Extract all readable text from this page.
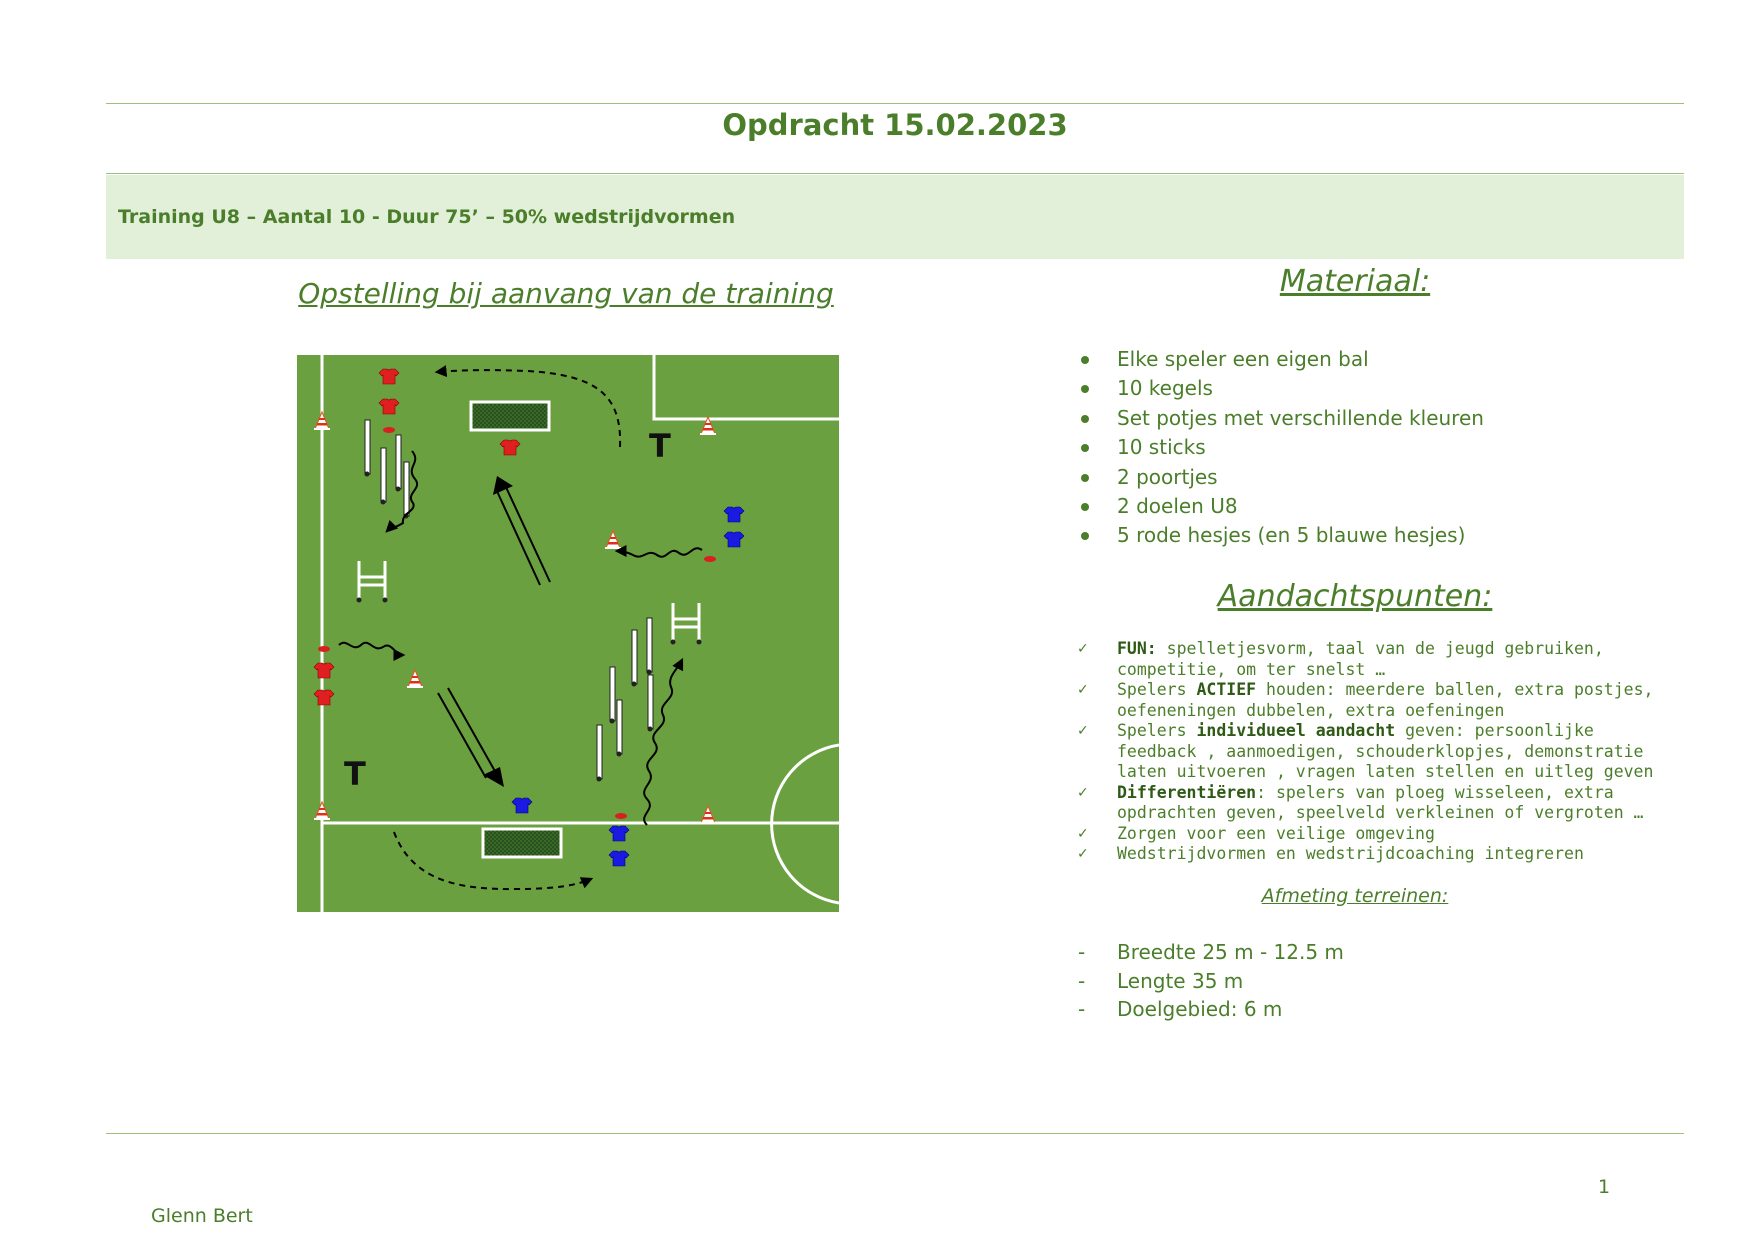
Opdracht 15.02.2023
Training U8 – Aantal 10 - Duur 75’ – 50% wedstrijdvormen
Opstelling bij aanvang van de training
T
T
Materiaal:
Elke speler een eigen bal
10 kegels
Set potjes met verschillende kleuren
10 sticks
2 poortjes
2 doelen U8
5 rode hesjes (en 5 blauwe hesjes)
Aandachtspunten:
✓ FUN: spelletjesvorm, taal van de jeugd gebruiken, competitie, om ter snelst …
✓ Spelers ACTIEF houden: meerdere ballen, extra postjes, oefeneningen dubbelen, extra oefeningen
✓ Spelers individueel aandacht geven: persoonlijke feedback , aanmoedigen, schouderklopjes, demonstratie laten uitvoeren , vragen laten stellen en uitleg geven
✓ Differentiëren: spelers van ploeg wisseleen, extra opdrachten geven, speelveld verkleinen of vergroten …
✓ Zorgen voor een veilige omgeving
✓ Wedstrijdvormen en wedstrijdcoaching integreren
Afmeting terreinen:
- Breedte 25 m - 12.5 m
- Lengte 35 m
- Doelgebied: 6 m
1
Glenn Bert
